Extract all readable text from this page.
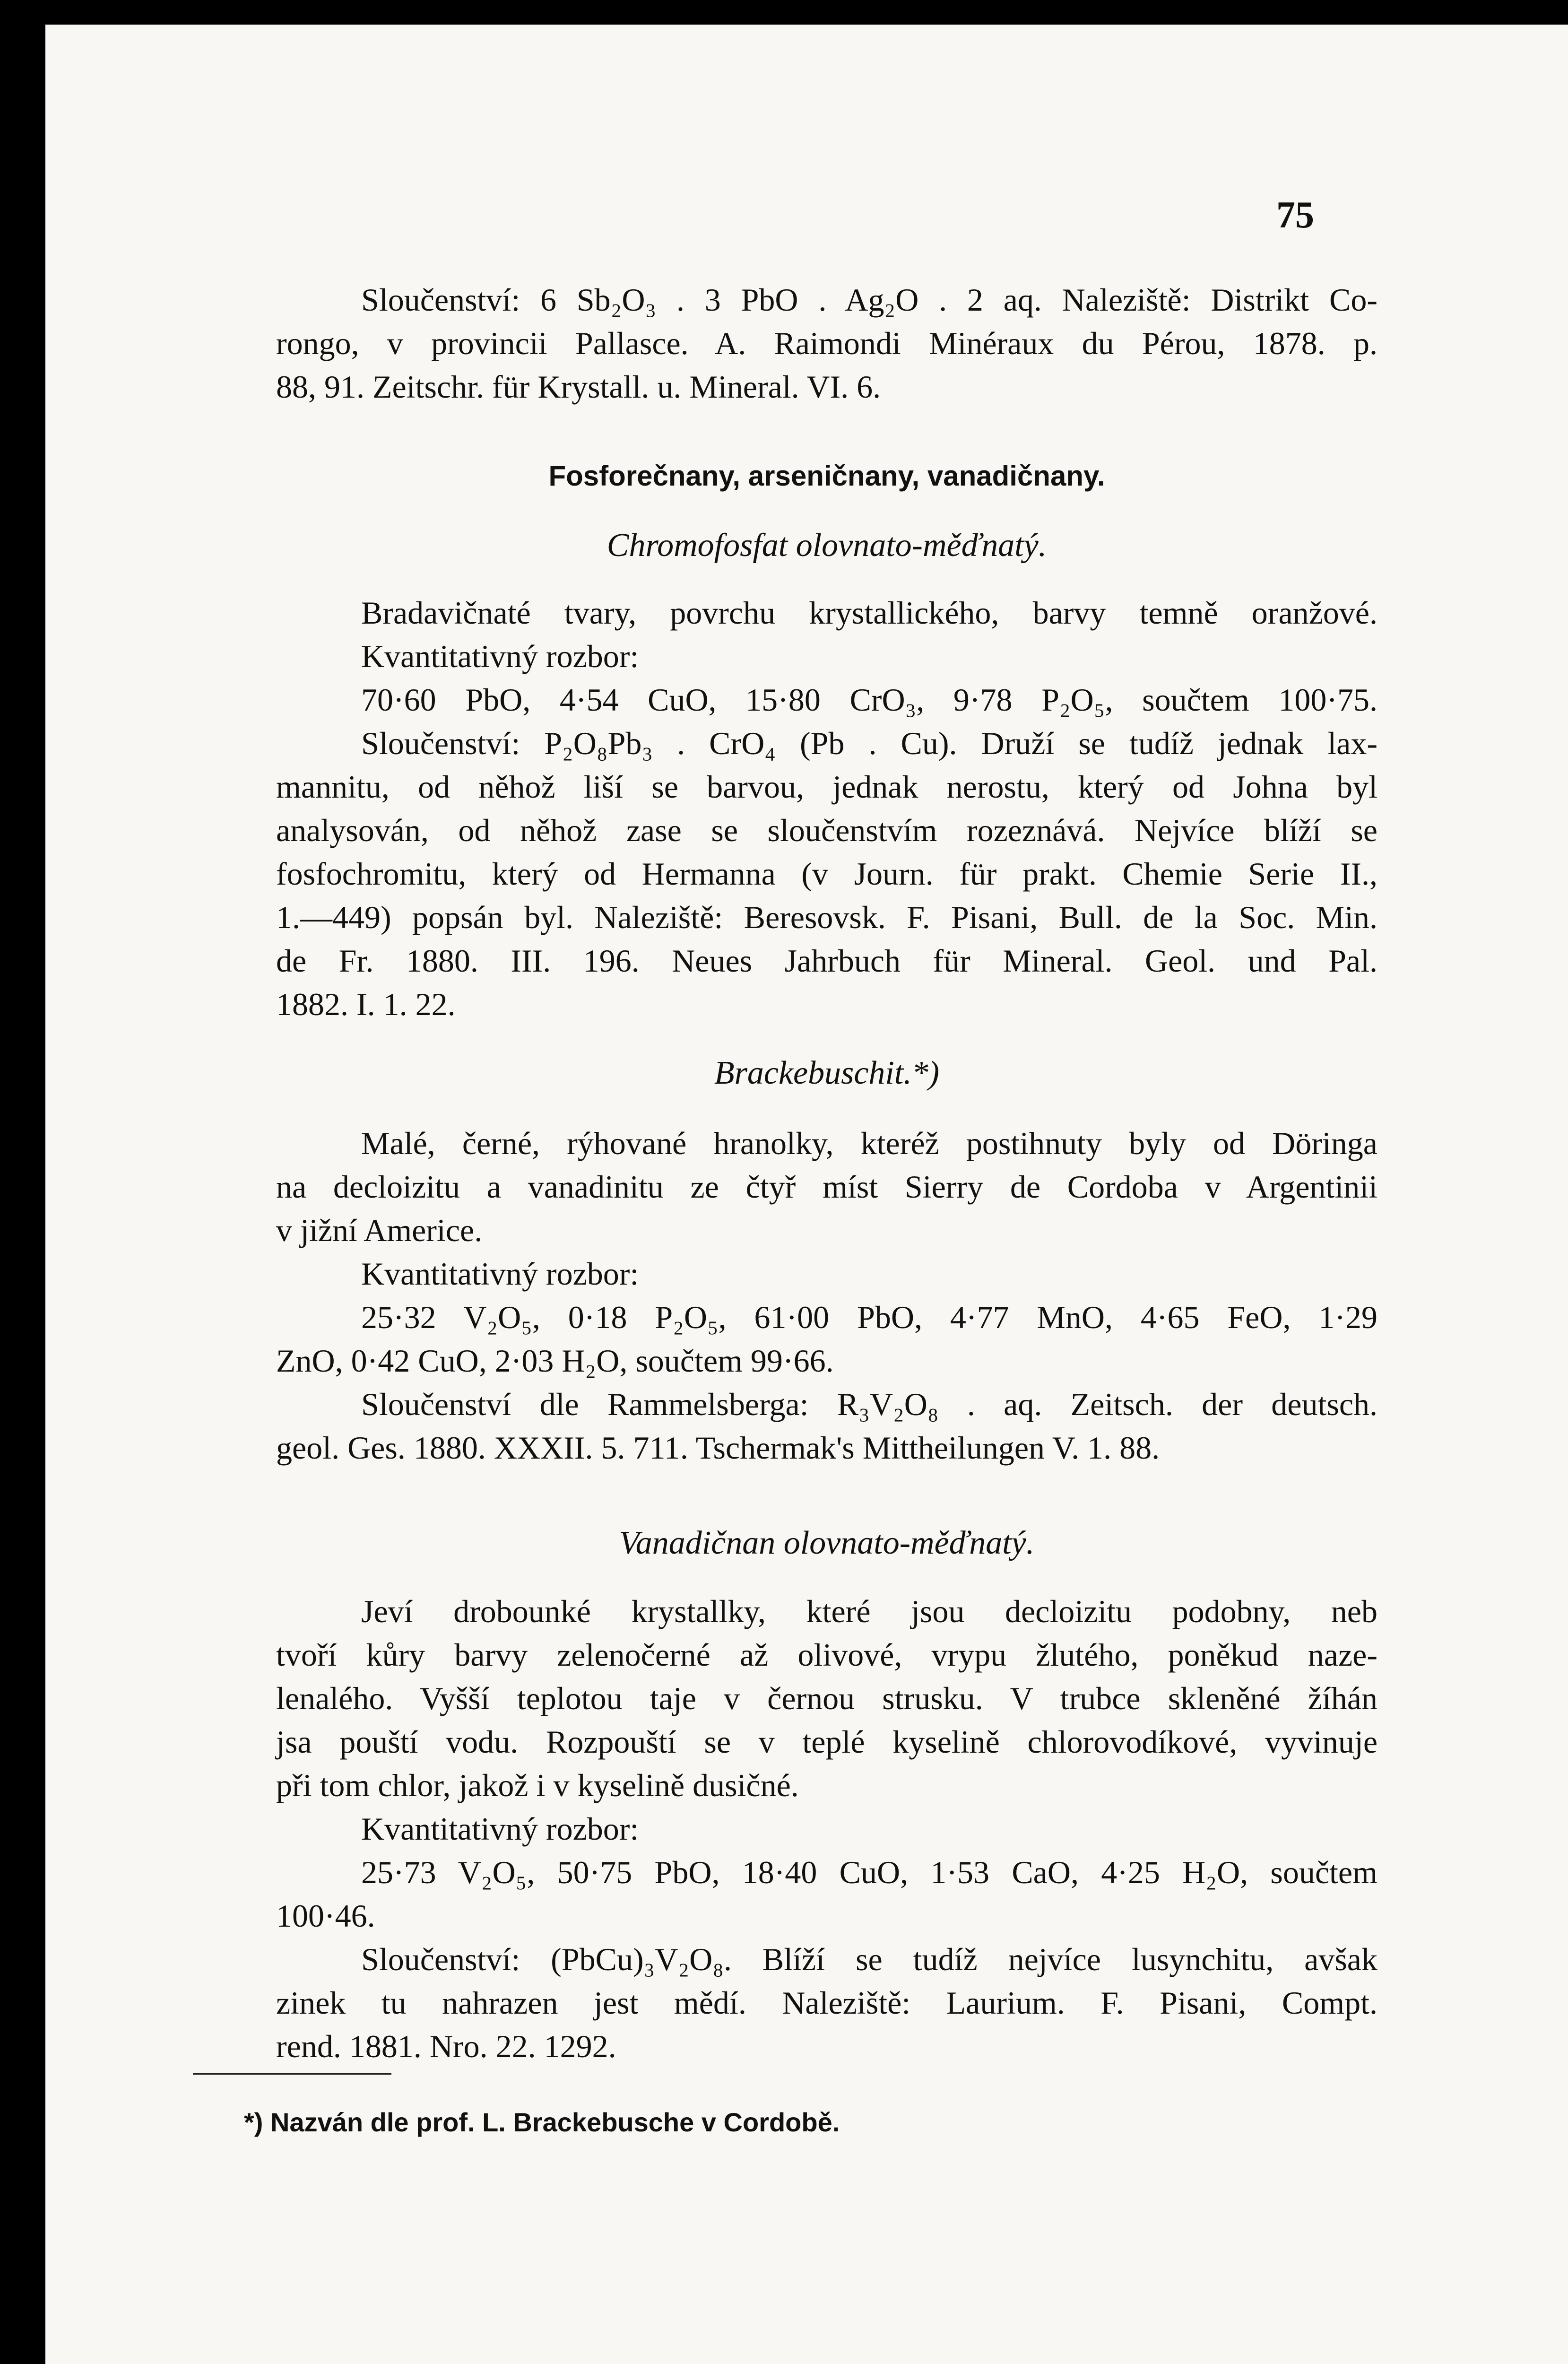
75
Sloučenství: 6 Sb₂O₃ . 3 PbO . Ag₂O . 2 aq. Naleziště: Distrikt Co-
rongo, v provincii Pallasce. A. Raimondi Minéraux du Pérou, 1878. p.
88, 91. Zeitschr. für Krystall. u. Mineral. VI. 6.
Fosforečnany, arseničnany, vanadičnany.
Chromofosfat olovnato-měďnatý.
Bradavičnaté tvary, povrchu krystallického, barvy temně oranžové.
Kvantitativný rozbor:
70·60 PbO, 4·54 CuO, 15·80 CrO₃, 9·78 P₂O₅, součtem 100·75.
Sloučenství: P₂O₈Pb₃ . CrO₄ (Pb . Cu). Druží se tudíž jednak lax-
mannitu, od něhož liší se barvou, jednak nerostu, který od Johna byl
analysován, od něhož zase se sloučenstvím rozeznává. Nejvíce blíží se
fosfochromitu, který od Hermanna (v Journ. für prakt. Chemie Serie II.,
1.—449) popsán byl. Naleziště: Beresovsk. F. Pisani, Bull. de la Soc. Min.
de Fr. 1880. III. 196. Neues Jahrbuch für Mineral. Geol. und Pal.
1882. I. 1. 22.
Brackebuschit.*)
Malé, černé, rýhované hranolky, kteréž postihnuty byly od Döringa
na decloizitu a vanadinitu ze čtyř míst Sierry de Cordoba v Argentinii
v jižní Americe.
Kvantitativný rozbor:
25·32 V₂O₅, 0·18 P₂O₅, 61·00 PbO, 4·77 MnO, 4·65 FeO, 1·29
ZnO, 0·42 CuO, 2·03 H₂O, součtem 99·66.
Sloučenství dle Rammelsberga: R₃V₂O₈ . aq. Zeitsch. der deutsch.
geol. Ges. 1880. XXXII. 5. 711. Tschermak's Mittheilungen V. 1. 88.
Vanadičnan olovnato-měďnatý.
Jeví drobounké krystallky, které jsou decloizitu podobny, neb
tvoří kůry barvy zelenočerné až olivové, vrypu žlutého, poněkud naze-
lenalého. Vyšší teplotou taje v černou strusku. V trubce skleněné žíhán
jsa pouští vodu. Rozpouští se v teplé kyselině chlorovodíkové, vyvinuje
při tom chlor, jakož i v kyselině dusičné.
Kvantitativný rozbor:
25·73 V₂O₅, 50·75 PbO, 18·40 CuO, 1·53 CaO, 4·25 H₂O, součtem
100·46.
Sloučenství: (PbCu)₃V₂O₈. Blíží se tudíž nejvíce lusynchitu, avšak
zinek tu nahrazen jest mědí. Naleziště: Laurium. F. Pisani, Compt.
rend. 1881. Nro. 22. 1292.
*) Nazván dle prof. L. Brackebusche v Cordobě.
